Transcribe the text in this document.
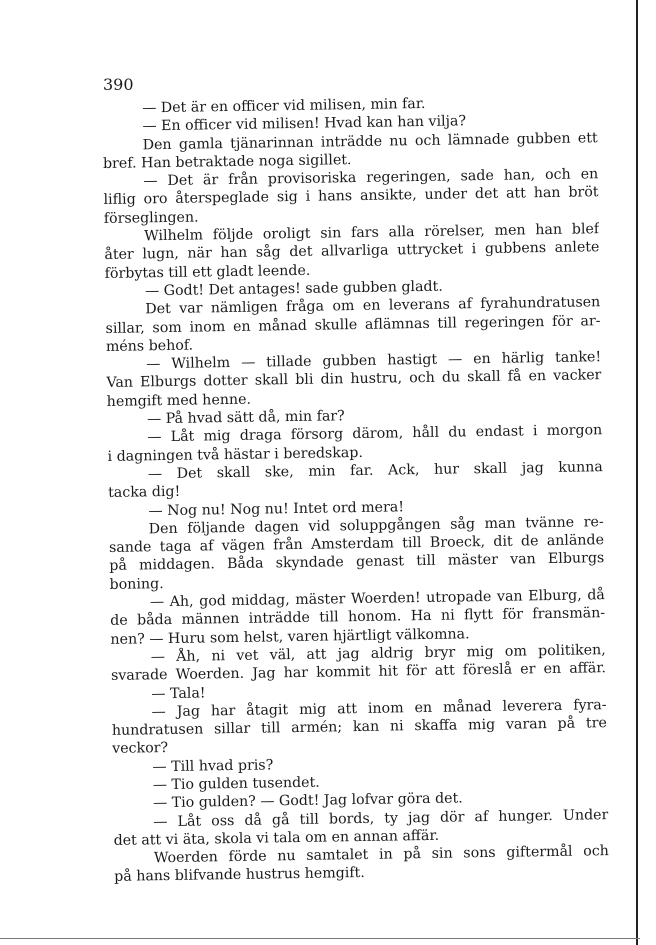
390
— Det är en officer vid milisen, min far.
— En officer vid milisen! Hvad kan han vilja?
Den gamla tjänarinnan inträdde nu och lämnade gubben ett
bref. Han betraktade noga sigillet.
— Det är från provisoriska regeringen, sade han, och en
liflig oro återspeglade sig i hans ansikte, under det att han bröt
förseglingen.
Wilhelm följde oroligt sin fars alla rörelser, men han blef
åter lugn, när han såg det allvarliga uttrycket i gubbens anlete
förbytas till ett gladt leende.
— Godt! Det antages! sade gubben gladt.
Det var nämligen fråga om en leverans af fyrahundratusen
sillar, som inom en månad skulle aflämnas till regeringen för ar-
méns behof.
— Wilhelm — tillade gubben hastigt — en härlig tanke!
Van Elburgs dotter skall bli din hustru, och du skall få en vacker
hemgift med henne.
— På hvad sätt då, min far?
— Låt mig draga försorg därom, håll du endast i morgon
i dagningen två hästar i beredskap.
— Det skall ske, min far. Ack, hur skall jag kunna
tacka dig!
— Nog nu! Nog nu! Intet ord mera!
Den följande dagen vid soluppgången såg man tvänne re-
sande taga af vägen från Amsterdam till Broeck, dit de anlände
på middagen. Båda skyndade genast till mäster van Elburgs
boning.
— Ah, god middag, mäster Woerden! utropade van Elburg, då
de båda männen inträdde till honom. Ha ni flytt för fransmän-
nen? — Huru som helst, varen hjärtligt välkomna.
— Åh, ni vet väl, att jag aldrig bryr mig om politiken,
svarade Woerden. Jag har kommit hit för att föreslå er en affär.
— Tala!
— Jag har åtagit mig att inom en månad leverera fyra-
hundratusen sillar till armén; kan ni skaffa mig varan på tre
veckor?
— Till hvad pris?
— Tio gulden tusendet.
— Tio gulden? — Godt! Jag lofvar göra det.
— Låt oss då gå till bords, ty jag dör af hunger. Under
det att vi äta, skola vi tala om en annan affär.
Woerden förde nu samtalet in på sin sons giftermål och
på hans blifvande hustrus hemgift.
